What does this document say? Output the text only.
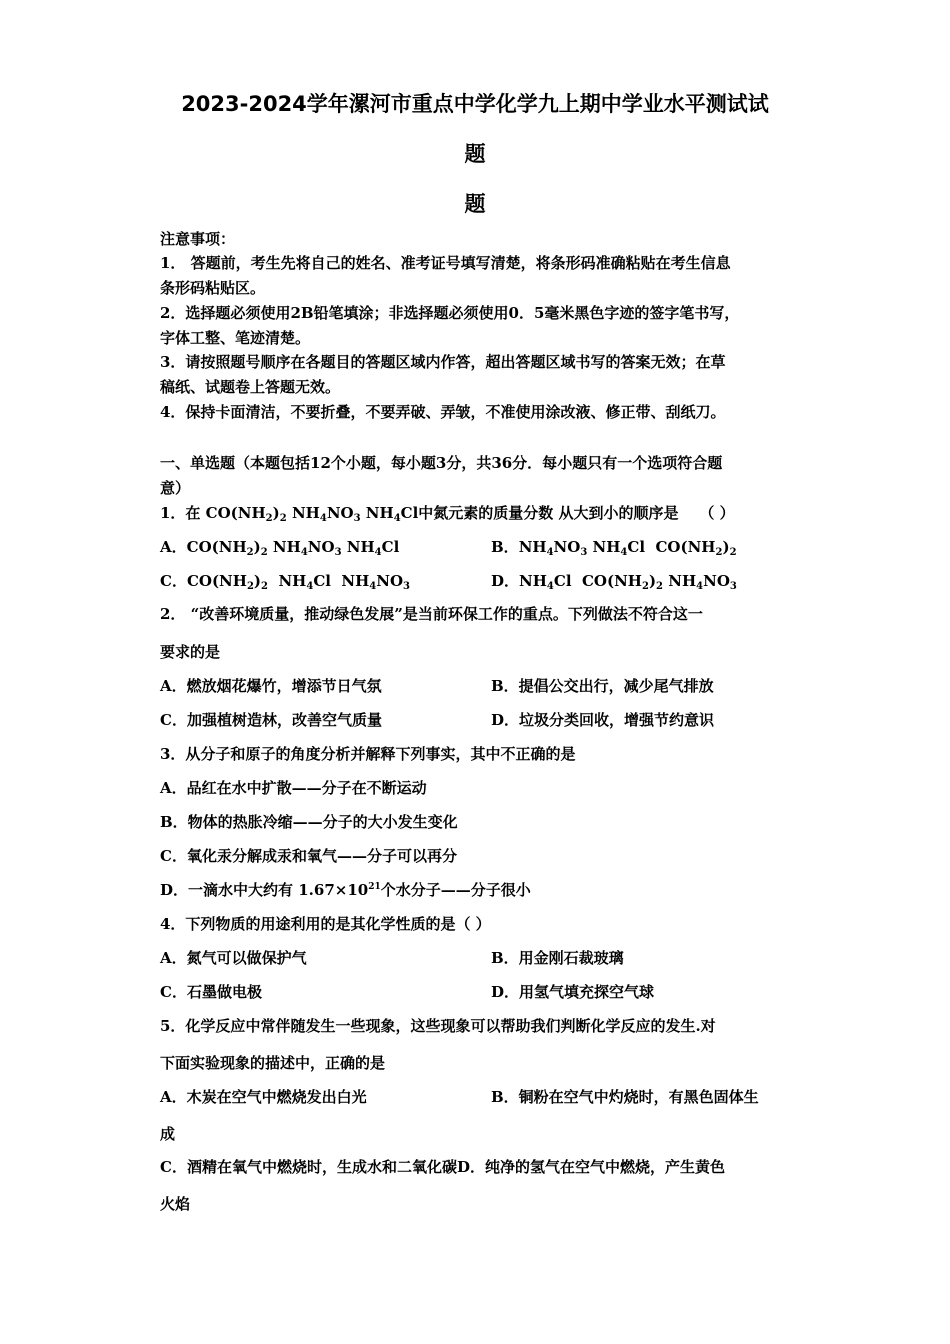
2023-2024学年漯河市重点中学化学九上期中学业水平测试试
题
题
注意事项：
1． 答题前，考生先将自己的姓名、准考证号填写清楚，将条形码准确粘贴在考生信息
条形码粘贴区。
2．选择题必须使用2B铅笔填涂；非选择题必须使用0．5毫米黑色字迹的签字笔书写，
字体工整、笔迹清楚。
3．请按照题号顺序在各题目的答题区域内作答，超出答题区域书写的答案无效；在草
稿纸、试题卷上答题无效。
4．保持卡面清洁，不要折叠，不要弄破、弄皱，不准使用涂改液、修正带、刮纸刀。
一、单选题（本题包括12个小题，每小题3分，共36分．每小题只有一个选项符合题
意）
1．在 $CO(NH_2)_2$ $NH_4NO_3$ $NH_4Cl$中氮元素的质量分数 从大到小的顺序是 （ ）
A．$CO(NH_2)_2$ $NH_4NO_3$ $NH_4Cl$	B．$NH_4NO_3$ $NH_4Cl$ $CO(NH_2)_2$
C．$CO(NH_2)_2$ $NH_4Cl$ $NH_4NO_3$	D．$NH_4Cl$ $CO(NH_2)_2$ $NH_4NO_3$
2． “改善环境质量，推动绿色发展”是当前环保工作的重点。下列做法不符合这一
要求的是
A．燃放烟花爆竹，增添节日气氛	B．提倡公交出行，减少尾气排放
C．加强植树造林，改善空气质量	D．垃圾分类回收，增强节约意识
3．从分子和原子的角度分析并解释下列事实，其中不正确的是
A．品红在水中扩散——分子在不断运动
B．物体的热胀冷缩——分子的大小发生变化
C．氧化汞分解成汞和氧气——分子可以再分
D．一滴水中大约有 $1.67\times 10^{21}$个水分子——分子很小
4．下列物质的用途利用的是其化学性质的是（ ）
A．氮气可以做保护气	B．用金刚石裁玻璃
C．石墨做电极	D．用氢气填充探空气球
5．化学反应中常伴随发生一些现象，这些现象可以帮助我们判断化学反应的发生.对
下面实验现象的描述中，正确的是
A．木炭在空气中燃烧发出白光	B．铜粉在空气中灼烧时，有黑色固体生
成
C．酒精在氧气中燃烧时，生成水和二氧化碳D．纯净的氢气在空气中燃烧，产生黄色
火焰
